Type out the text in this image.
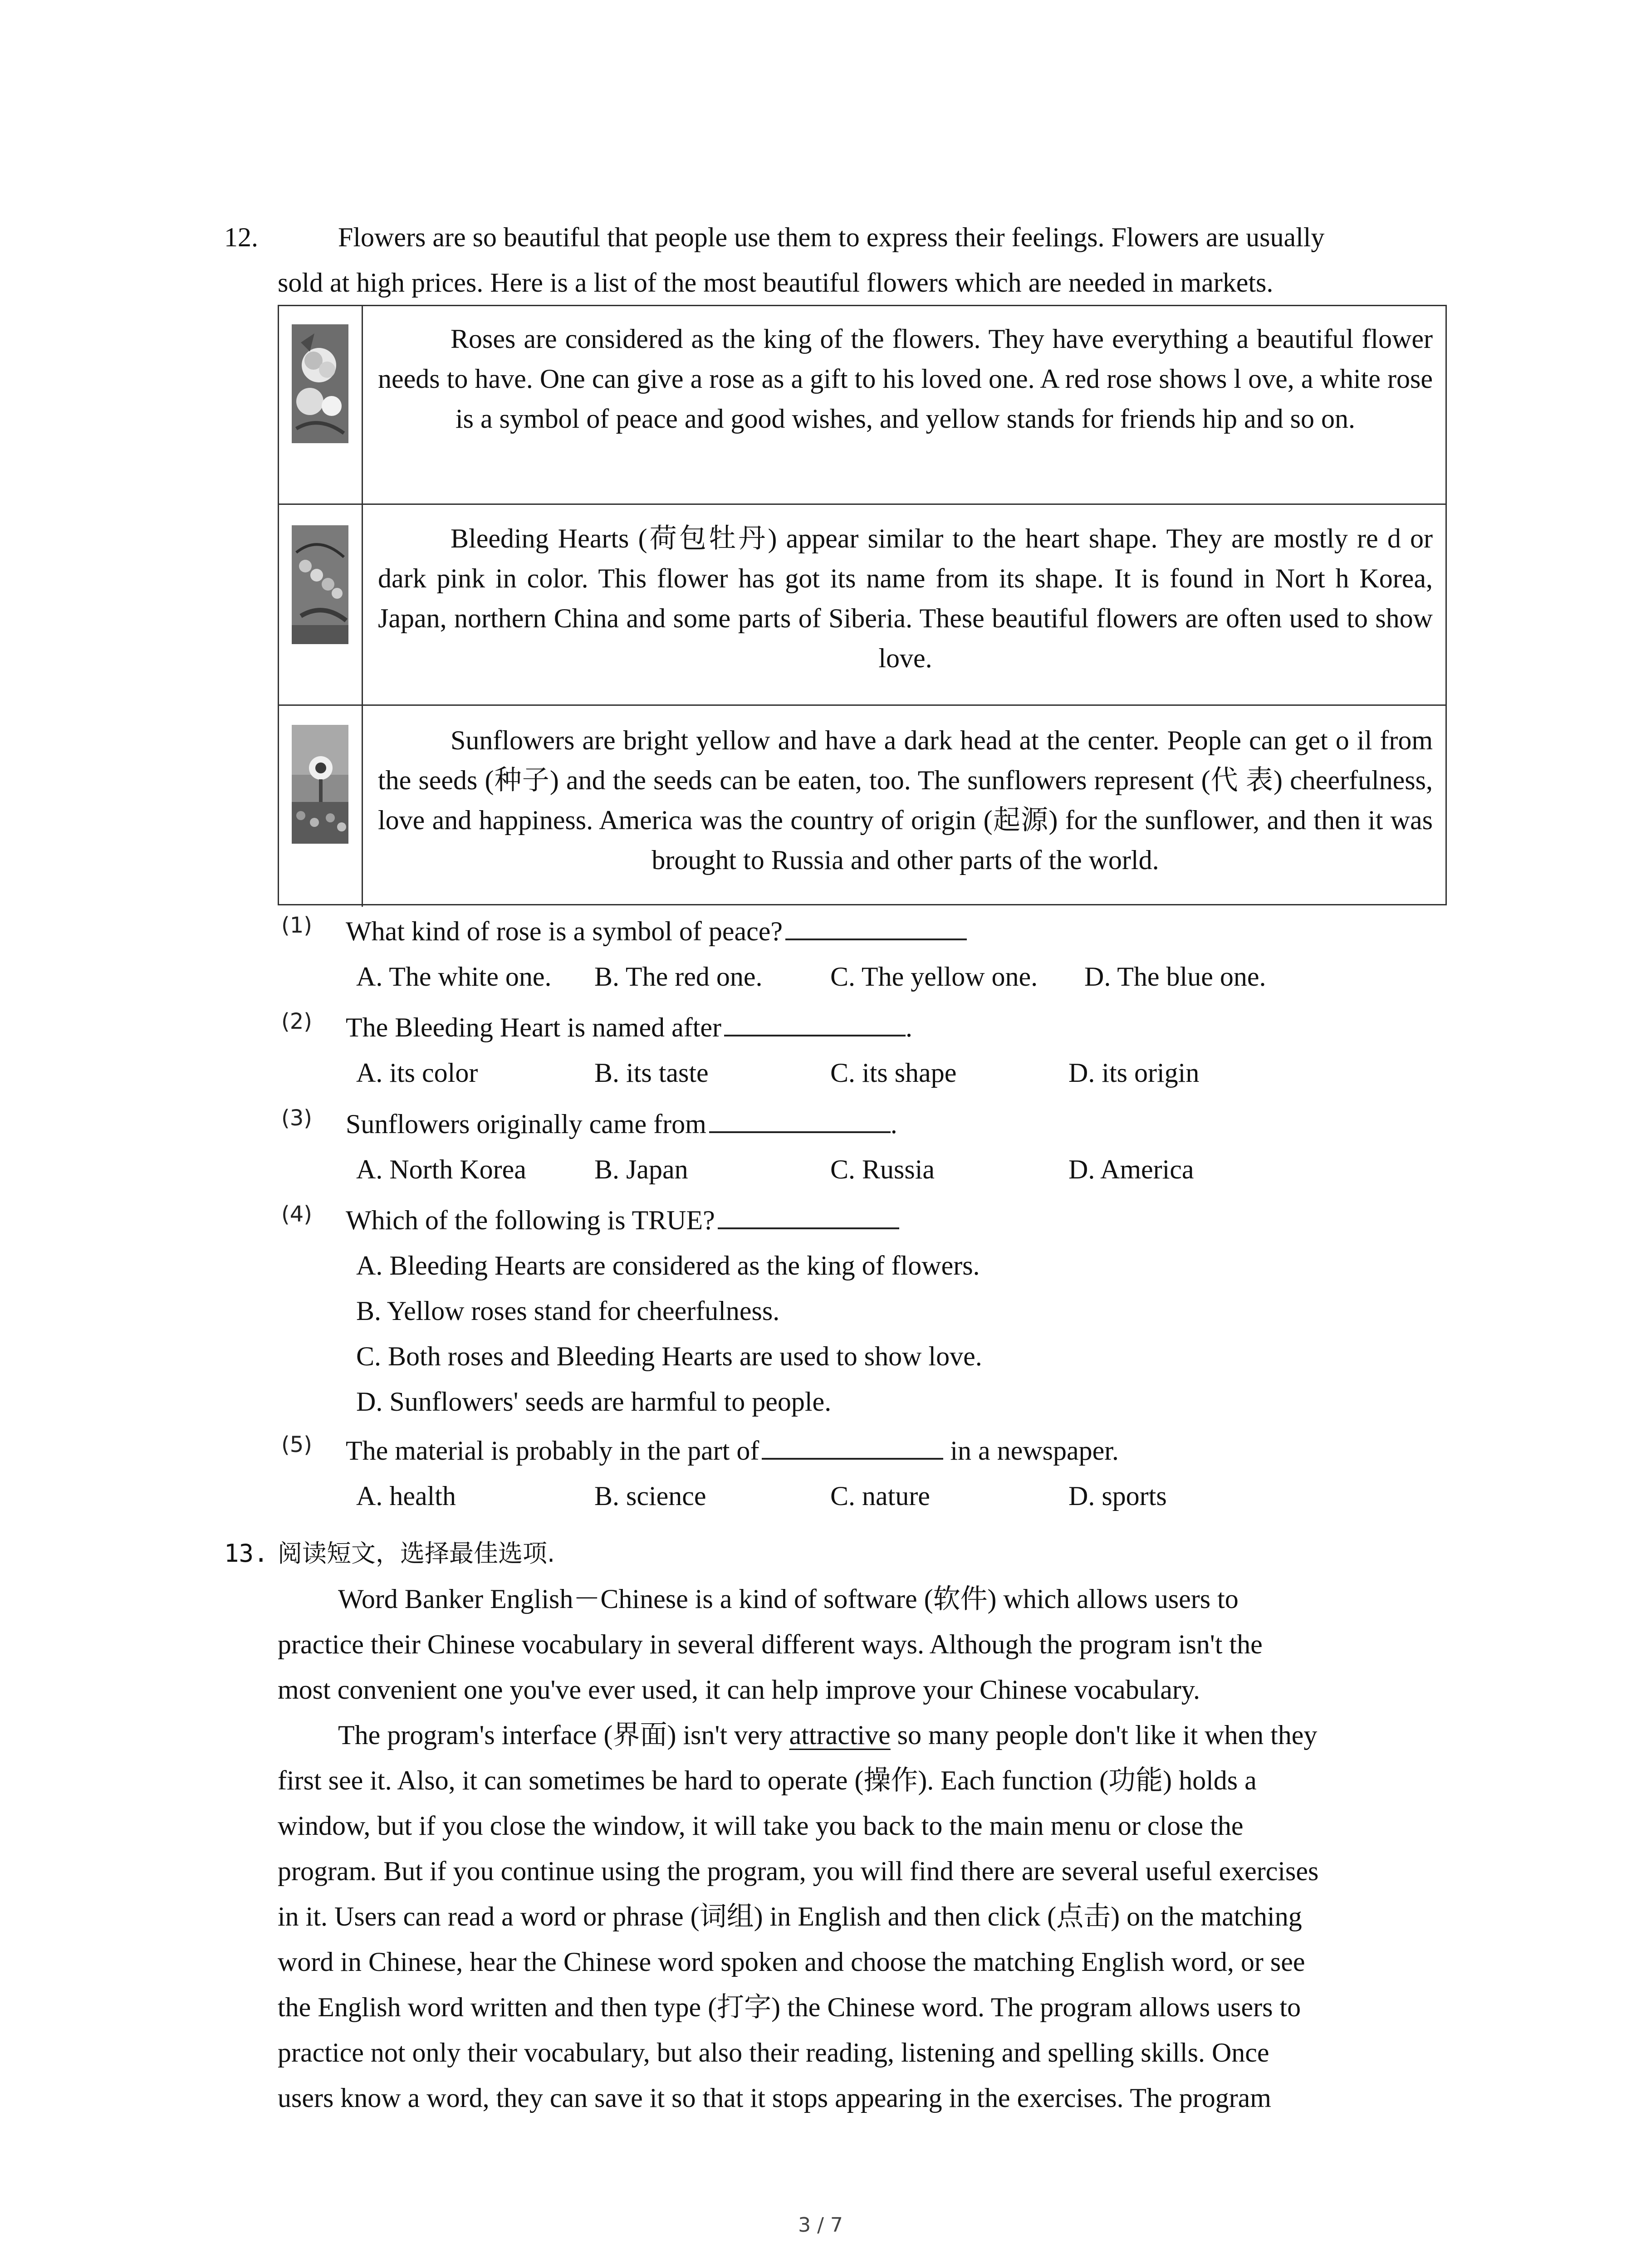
12.	Flowers are so beautiful that people use them to express their feelings. Flowers are usually
sold at high prices. Here is a list of the most beautiful flowers which are needed in markets.
Roses are considered as the king of the flowers. They have everything a beautiful flower needs to have. One can give a rose as a gift to his loved one. A red rose shows l ove, a white rose is a symbol of peace and good wishes, and yellow stands for friends hip and so on.
Bleeding Hearts (荷包牡丹) appear similar to the heart shape. They are mostly re d or dark pink in color. This flower has got its name from its shape. It is found in Nort h Korea, Japan, northern China and some parts of Siberia. These beautiful flowers are often used to show love.
Sunflowers are bright yellow and have a dark head at the center. People can get o il from the seeds (种子) and the seeds can be eaten, too. The sunflowers represent (代 表) cheerfulness, love and happiness. America was the country of origin (起源) for the sunflower, and then it was brought to Russia and other parts of the world.
(1) What kind of rose is a symbol of peace?
A. The white one. B. The red one. C. The yellow one. D. The blue one.
(2) The Bleeding Heart is named after	.
A. its color	B. its taste	C. its shape	D. its origin
(3) Sunflowers originally came from	.
A. North Korea	B. Japan	C. Russia	D. America
(4) Which of the following is TRUE?
A. Bleeding Hearts are considered as the king of flowers.
B. Yellow roses stand for cheerfulness.
C. Both roses and Bleeding Hearts are used to show love.
D. Sunflowers' seeds are harmful to people.
(5) The material is probably in the part of	in a newspaper.
A. health	B. science	C. nature	D. sports
13. 阅读短文，选择最佳选项.
Word Banker English－Chinese is a kind of software (软件) which allows users to
practice their Chinese vocabulary in several different ways. Although the program isn't the
most convenient one you've ever used, it can help improve your Chinese vocabulary.
The program's interface (界面) isn't very attractive so many people don't like it when they
first see it. Also, it can sometimes be hard to operate (操作). Each function (功能) holds a
window, but if you close the window, it will take you back to the main menu or close the
program. But if you continue using the program, you will find there are several useful exercises
in it. Users can read a word or phrase (词组) in English and then click (点击) on the matching
word in Chinese, hear the Chinese word spoken and choose the matching English word, or see
the English word written and then type (打字) the Chinese word. The program allows users to
practice not only their vocabulary, but also their reading, listening and spelling skills. Once
users know a word, they can save it so that it stops appearing in the exercises. The program
3 / 7
